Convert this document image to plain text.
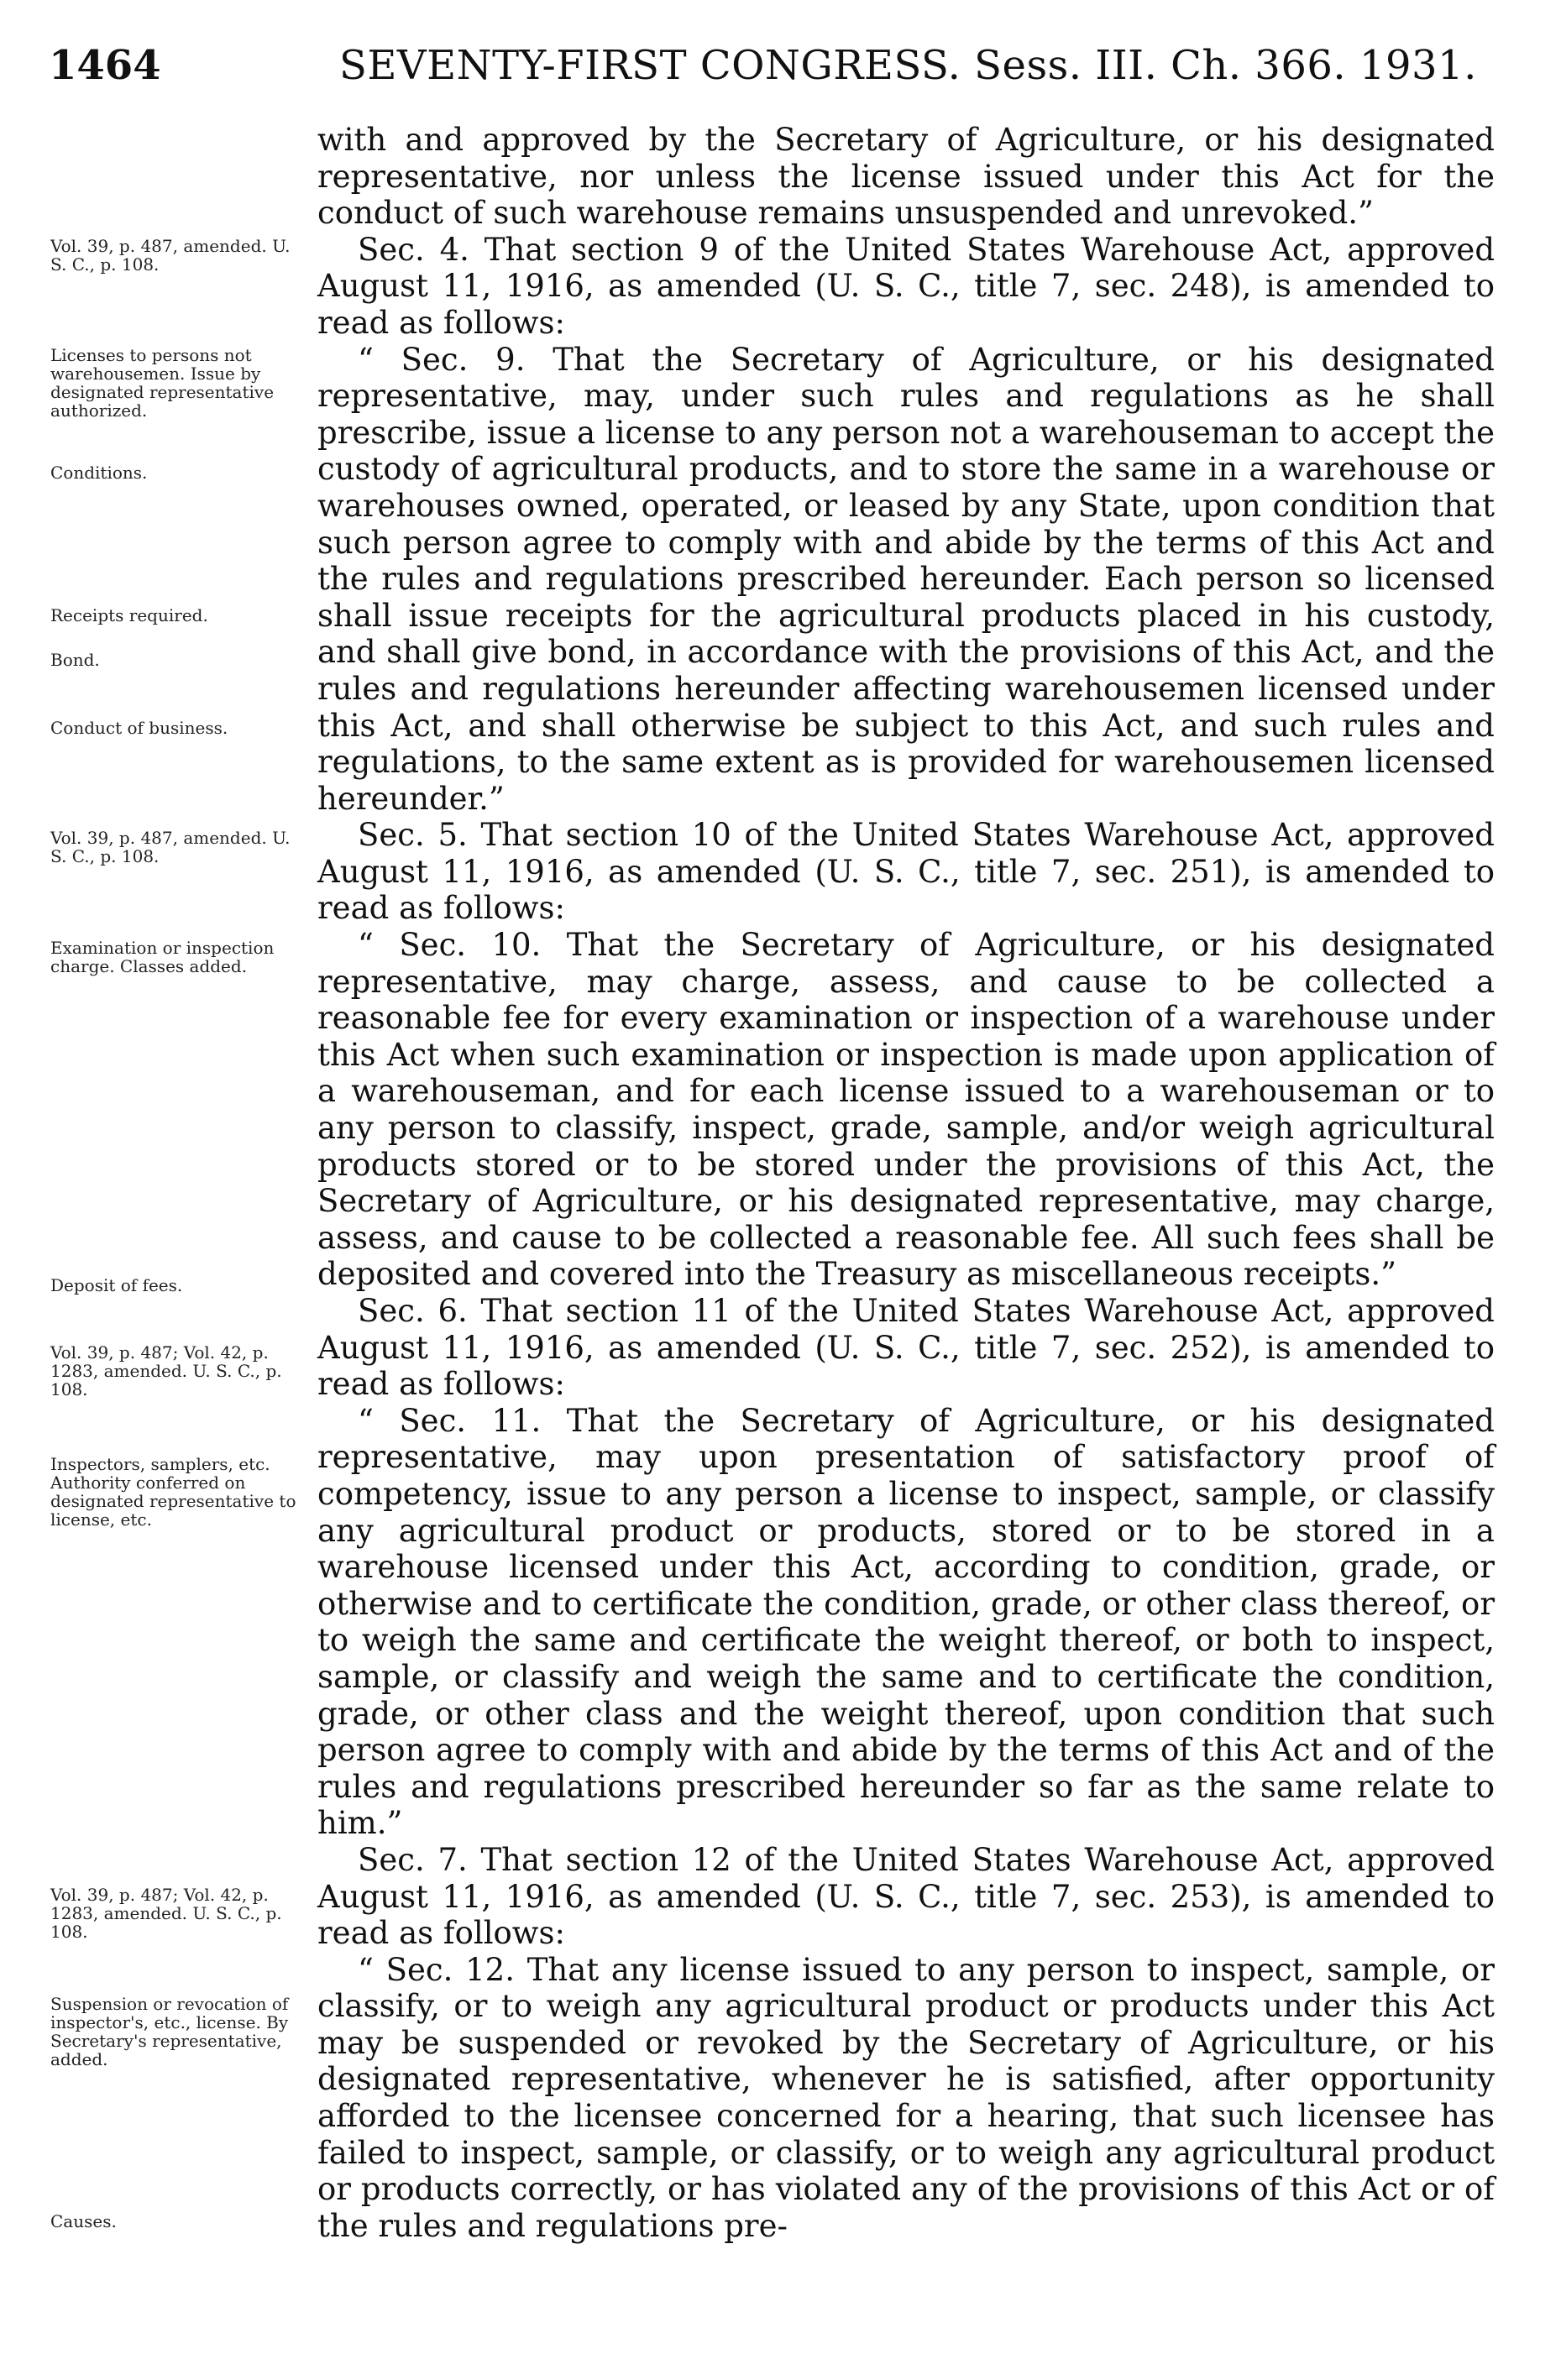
1464	SEVENTY-FIRST CONGRESS. Sess. III. Ch. 366. 1931.
Vol. 39, p. 487, amended. U. S. C., p. 108.
Licenses to persons not warehousemen. Issue by designated representative authorized.
Conditions.
Receipts required.
Bond.
Conduct of business.
Vol. 39, p. 487, amended. U. S. C., p. 108.
Examination or inspection charge. Classes added.
Deposit of fees.
Vol. 39, p. 487; Vol. 42, p. 1283, amended. U. S. C., p. 108.
Inspectors, samplers, etc. Authority conferred on designated representative to license, etc.
Vol. 39, p. 487; Vol. 42, p. 1283, amended. U. S. C., p. 108.
Suspension or revocation of inspector's, etc., license. By Secretary's representative, added.
Causes.

with and approved by the Secretary of Agriculture, or his designated representative, nor unless the license issued under this Act for the conduct of such warehouse remains unsuspended and unrevoked.”

Sec. 4. That section 9 of the United States Warehouse Act, approved August 11, 1916, as amended (U. S. C., title 7, sec. 248), is amended to read as follows:

“ Sec. 9. That the Secretary of Agriculture, or his designated representative, may, under such rules and regulations as he shall prescribe, issue a license to any person not a warehouseman to accept the custody of agricultural products, and to store the same in a warehouse or warehouses owned, operated, or leased by any State, upon condition that such person agree to comply with and abide by the terms of this Act and the rules and regulations prescribed hereunder. Each person so licensed shall issue receipts for the agricultural products placed in his custody, and shall give bond, in accordance with the provisions of this Act, and the rules and regulations hereunder affecting warehousemen licensed under this Act, and shall otherwise be subject to this Act, and such rules and regulations, to the same extent as is provided for warehousemen licensed hereunder.”

Sec. 5. That section 10 of the United States Warehouse Act, approved August 11, 1916, as amended (U. S. C., title 7, sec. 251), is amended to read as follows:

“ Sec. 10. That the Secretary of Agriculture, or his designated representative, may charge, assess, and cause to be collected a reasonable fee for every examination or inspection of a warehouse under this Act when such examination or inspection is made upon application of a warehouseman, and for each license issued to a warehouseman or to any person to classify, inspect, grade, sample, and/or weigh agricultural products stored or to be stored under the provisions of this Act, the Secretary of Agriculture, or his designated representative, may charge, assess, and cause to be collected a reasonable fee. All such fees shall be deposited and covered into the Treasury as miscellaneous receipts.”

Sec. 6. That section 11 of the United States Warehouse Act, approved August 11, 1916, as amended (U. S. C., title 7, sec. 252), is amended to read as follows:

“ Sec. 11. That the Secretary of Agriculture, or his designated representative, may upon presentation of satisfactory proof of competency, issue to any person a license to inspect, sample, or classify any agricultural product or products, stored or to be stored in a warehouse licensed under this Act, according to condition, grade, or otherwise and to certificate the condition, grade, or other class thereof, or to weigh the same and certificate the weight thereof, or both to inspect, sample, or classify and weigh the same and to certificate the condition, grade, or other class and the weight thereof, upon condition that such person agree to comply with and abide by the terms of this Act and of the rules and regulations prescribed hereunder so far as the same relate to him.”

Sec. 7. That section 12 of the United States Warehouse Act, approved August 11, 1916, as amended (U. S. C., title 7, sec. 253), is amended to read as follows:

“ Sec. 12. That any license issued to any person to inspect, sample, or classify, or to weigh any agricultural product or products under this Act may be suspended or revoked by the Secretary of Agriculture, or his designated representative, whenever he is satisfied, after opportunity afforded to the licensee concerned for a hearing, that such licensee has failed to inspect, sample, or classify, or to weigh any agricultural product or products correctly, or has violated any of the provisions of this Act or of the rules and regulations pre-
